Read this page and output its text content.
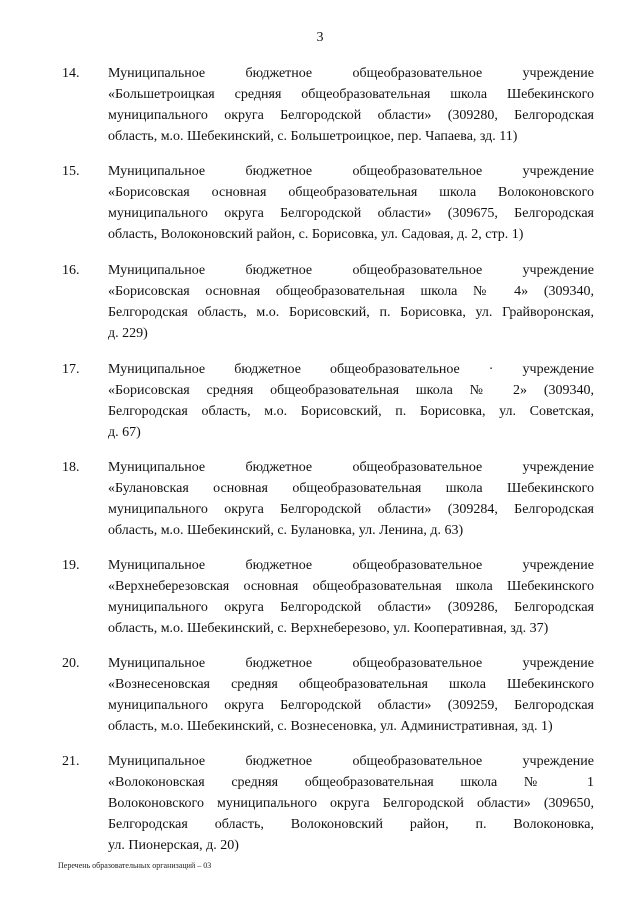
3
14. Муниципальное бюджетное общеобразовательное учреждение
«Большетроицкая средняя общеобразовательная школа Шебекинского
муниципального округа Белгородской области» (309280, Белгородская
область, м.о. Шебекинский, с. Большетроицкое, пер. Чапаева, зд. 11)
15. Муниципальное бюджетное общеобразовательное учреждение
«Борисовская основная общеобразовательная школа Волоконовского
муниципального округа Белгородской области» (309675, Белгородская
область, Волоконовский район, с. Борисовка, ул. Садовая, д. 2, стр. 1)
16. Муниципальное бюджетное общеобразовательное учреждение
«Борисовская основная общеобразовательная школа № 4» (309340,
Белгородская область, м.о. Борисовский, п. Борисовка, ул. Грайворонская,
д. 229)
17. Муниципальное бюджетное общеобразовательное · учреждение
«Борисовская средняя общеобразовательная школа № 2» (309340,
Белгородская область, м.о. Борисовский, п. Борисовка, ул. Советская,
д. 67)
18. Муниципальное бюджетное общеобразовательное учреждение
«Булановская основная общеобразовательная школа Шебекинского
муниципального округа Белгородской области» (309284, Белгородская
область, м.о. Шебекинский, с. Булановка, ул. Ленина, д. 63)
19. Муниципальное бюджетное общеобразовательное учреждение
«Верхнеберезовская основная общеобразовательная школа Шебекинского
муниципального округа Белгородской области» (309286, Белгородская
область, м.о. Шебекинский, с. Верхнеберезово, ул. Кооперативная, зд. 37)
20. Муниципальное бюджетное общеобразовательное учреждение
«Вознесеновская средняя общеобразовательная школа Шебекинского
муниципального округа Белгородской области» (309259, Белгородская
область, м.о. Шебекинский, с. Вознесеновка, ул. Административная, зд. 1)
21. Муниципальное бюджетное общеобразовательное учреждение
«Волоконовская средняя общеобразовательная школа № 1
Волоконовского муниципального округа Белгородской области» (309650,
Белгородская область, Волоконовский район, п. Волоконовка,
ул. Пионерская, д. 20)
Перечень образовательных организаций – 03
